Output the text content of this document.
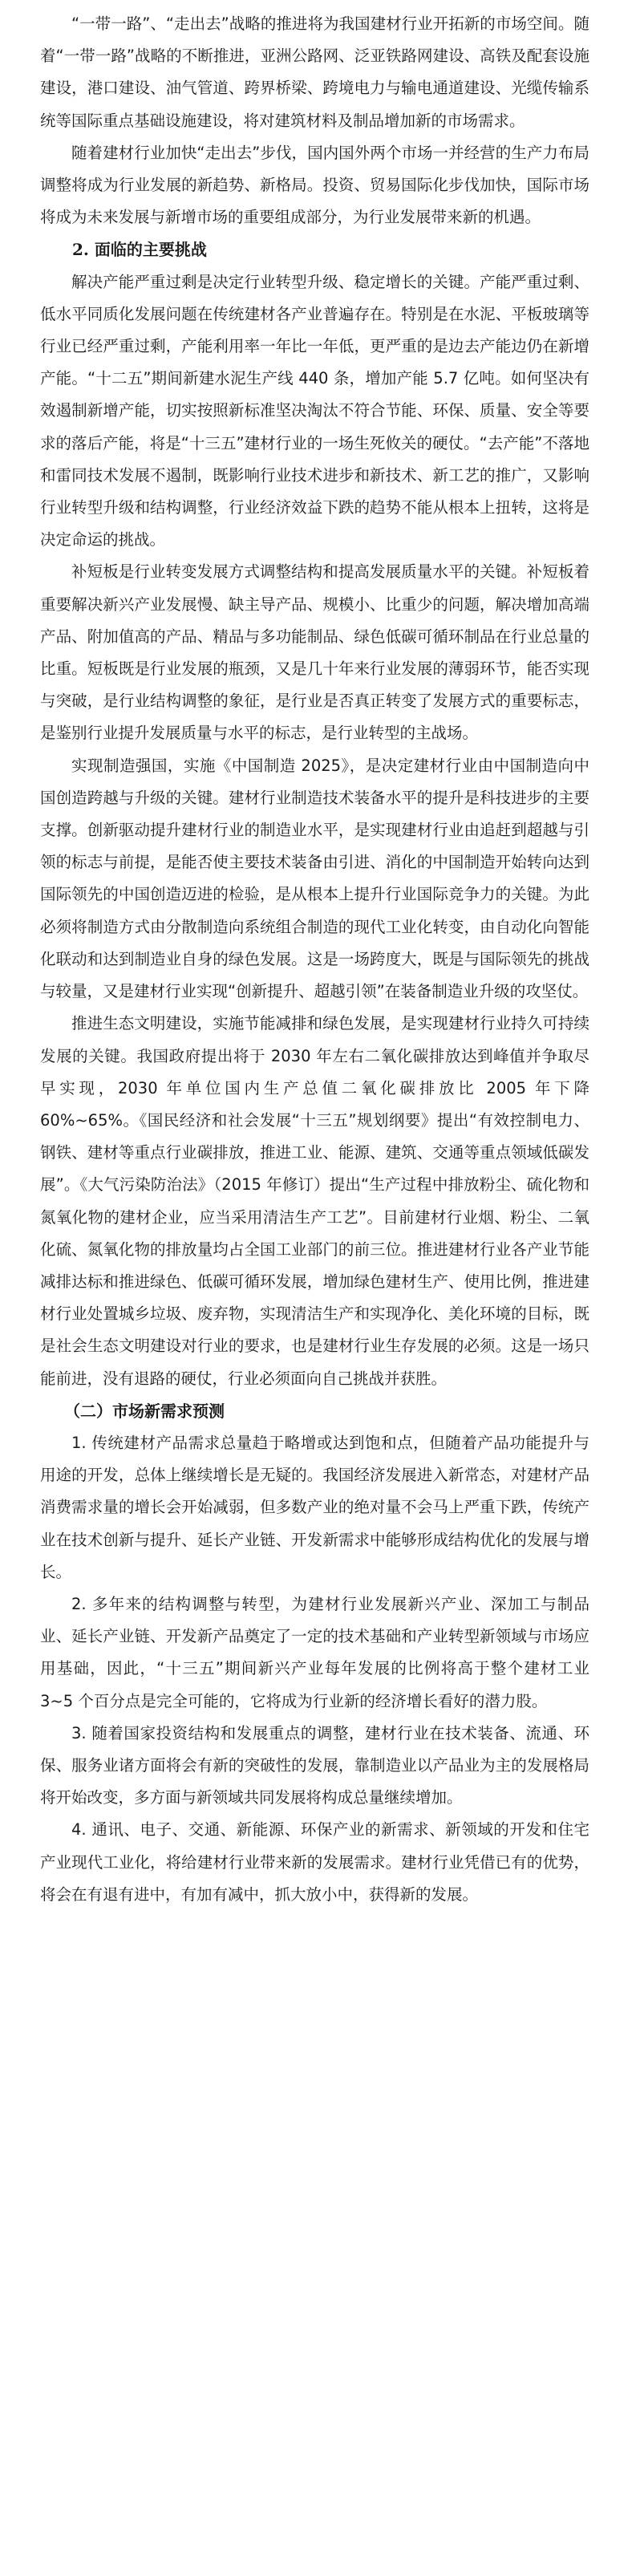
“一带一路”、“走出去”战略的推进将为我国建材行业开拓新的市场空间。随着“一带一路”战略的不断推进，亚洲公路网、泛亚铁路网建设、高铁及配套设施建设，港口建设、油气管道、跨界桥梁、跨境电力与输电通道建设、光缆传输系统等国际重点基础设施建设，将对建筑材料及制品增加新的市场需求。

随着建材行业加快“走出去”步伐，国内国外两个市场一并经营的生产力布局调整将成为行业发展的新趋势、新格局。投资、贸易国际化步伐加快，国际市场将成为未来发展与新增市场的重要组成部分，为行业发展带来新的机遇。

2. 面临的主要挑战

解决产能严重过剩是决定行业转型升级、稳定增长的关键。产能严重过剩、低水平同质化发展问题在传统建材各产业普遍存在。特别是在水泥、平板玻璃等行业已经严重过剩，产能利用率一年比一年低，更严重的是边去产能边仍在新增产能。“十二五”期间新建水泥生产线 440 条，增加产能 5.7 亿吨。如何坚决有效遏制新增产能，切实按照新标准坚决淘汰不符合节能、环保、质量、安全等要求的落后产能，将是“十三五”建材行业的一场生死攸关的硬仗。“去产能”不落地和雷同技术发展不遏制，既影响行业技术进步和新技术、新工艺的推广，又影响行业转型升级和结构调整，行业经济效益下跌的趋势不能从根本上扭转，这将是决定命运的挑战。

补短板是行业转变发展方式调整结构和提高发展质量水平的关键。补短板着重要解决新兴产业发展慢、缺主导产品、规模小、比重少的问题，解决增加高端产品、附加值高的产品、精品与多功能制品、绿色低碳可循环制品在行业总量的比重。短板既是行业发展的瓶颈，又是几十年来行业发展的薄弱环节，能否实现与突破，是行业结构调整的象征，是行业是否真正转变了发展方式的重要标志，是鉴别行业提升发展质量与水平的标志，是行业转型的主战场。

实现制造强国，实施《中国制造 2025》，是决定建材行业由中国制造向中国创造跨越与升级的关键。建材行业制造技术装备水平的提升是科技进步的主要支撑。创新驱动提升建材行业的制造业水平，是实现建材行业由追赶到超越与引领的标志与前提，是能否使主要技术装备由引进、消化的中国制造开始转向达到国际领先的中国创造迈进的检验，是从根本上提升行业国际竞争力的关键。为此必须将制造方式由分散制造向系统组合制造的现代工业化转变，由自动化向智能化联动和达到制造业自身的绿色发展。这是一场跨度大，既是与国际领先的挑战与较量，又是建材行业实现“创新提升、超越引领”在装备制造业升级的攻坚仗。

推进生态文明建设，实施节能减排和绿色发展，是实现建材行业持久可持续发展的关键。我国政府提出将于 2030 年左右二氧化碳排放达到峰值并争取尽早实现，2030 年单位国内生产总值二氧化碳排放比 2005 年下降 60%~65%。《国民经济和社会发展“十三五”规划纲要》提出“有效控制电力、钢铁、建材等重点行业碳排放，推进工业、能源、建筑、交通等重点领域低碳发展”。《大气污染防治法》（2015 年修订）提出“生产过程中排放粉尘、硫化物和氮氧化物的建材企业，应当采用清洁生产工艺”。目前建材行业烟、粉尘、二氧化硫、氮氧化物的排放量均占全国工业部门的前三位。推进建材行业各产业节能减排达标和推进绿色、低碳可循环发展，增加绿色建材生产、使用比例，推进建材行业处置城乡垃圾、废弃物，实现清洁生产和实现净化、美化环境的目标，既是社会生态文明建设对行业的要求，也是建材行业生存发展的必须。这是一场只能前进，没有退路的硬仗，行业必须面向自己挑战并获胜。

（二）市场新需求预测

1. 传统建材产品需求总量趋于略增或达到饱和点，但随着产品功能提升与用途的开发，总体上继续增长是无疑的。我国经济发展进入新常态，对建材产品消费需求量的增长会开始减弱，但多数产业的绝对量不会马上严重下跌，传统产业在技术创新与提升、延长产业链、开发新需求中能够形成结构优化的发展与增长。

2. 多年来的结构调整与转型，为建材行业发展新兴产业、深加工与制品业、延长产业链、开发新产品奠定了一定的技术基础和产业转型新领域与市场应用基础，因此，“十三五”期间新兴产业每年发展的比例将高于整个建材工业 3~5 个百分点是完全可能的，它将成为行业新的经济增长看好的潜力股。

3. 随着国家投资结构和发展重点的调整，建材行业在技术装备、流通、环保、服务业诸方面将会有新的突破性的发展，靠制造业以产品业为主的发展格局将开始改变，多方面与新领域共同发展将构成总量继续增加。

4. 通讯、电子、交通、新能源、环保产业的新需求、新领域的开发和住宅产业现代工业化，将给建材行业带来新的发展需求。建材行业凭借已有的优势，将会在有退有进中，有加有减中，抓大放小中，获得新的发展。
